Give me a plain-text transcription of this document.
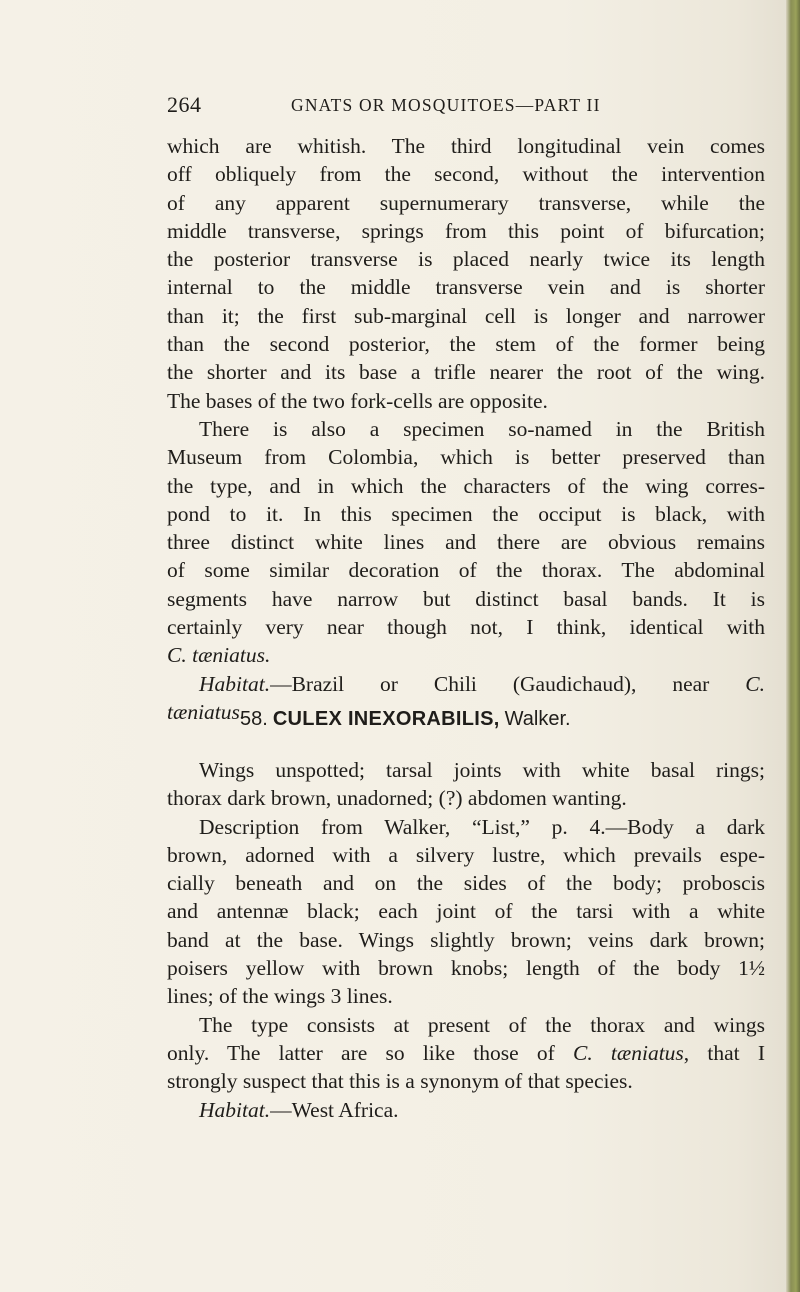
264	GNATS OR MOSQUITOES—PART II
which are whitish. The third longitudinal vein comes
off obliquely from the second, without the intervention
of any apparent supernumerary transverse, while the
middle transverse, springs from this point of bifurcation;
the posterior transverse is placed nearly twice its length
internal to the middle transverse vein and is shorter
than it; the first sub-marginal cell is longer and narrower
than the second posterior, the stem of the former being
the shorter and its base a trifle nearer the root of the wing.
The bases of the two fork-cells are opposite.
There is also a specimen so-named in the British
Museum from Colombia, which is better preserved than
the type, and in which the characters of the wing corres-
pond to it. In this specimen the occiput is black, with
three distinct white lines and there are obvious remains
of some similar decoration of the thorax. The abdominal
segments have narrow but distinct basal bands. It is
certainly very near though not, I think, identical with
C. tæniatus.
Habitat.—Brazil or Chili (Gaudichaud), near C.
tæniatus.
58. CULEX INEXORABILIS, Walker.
Wings unspotted; tarsal joints with white basal rings;
thorax dark brown, unadorned; (?) abdomen wanting.
Description from Walker, “List,” p. 4.—Body a dark
brown, adorned with a silvery lustre, which prevails espe-
cially beneath and on the sides of the body; proboscis
and antennæ black; each joint of the tarsi with a white
band at the base. Wings slightly brown; veins dark brown;
poisers yellow with brown knobs; length of the body 1½
lines; of the wings 3 lines.
The type consists at present of the thorax and wings
only. The latter are so like those of C. tæniatus, that I
strongly suspect that this is a synonym of that species.
Habitat.—West Africa.
